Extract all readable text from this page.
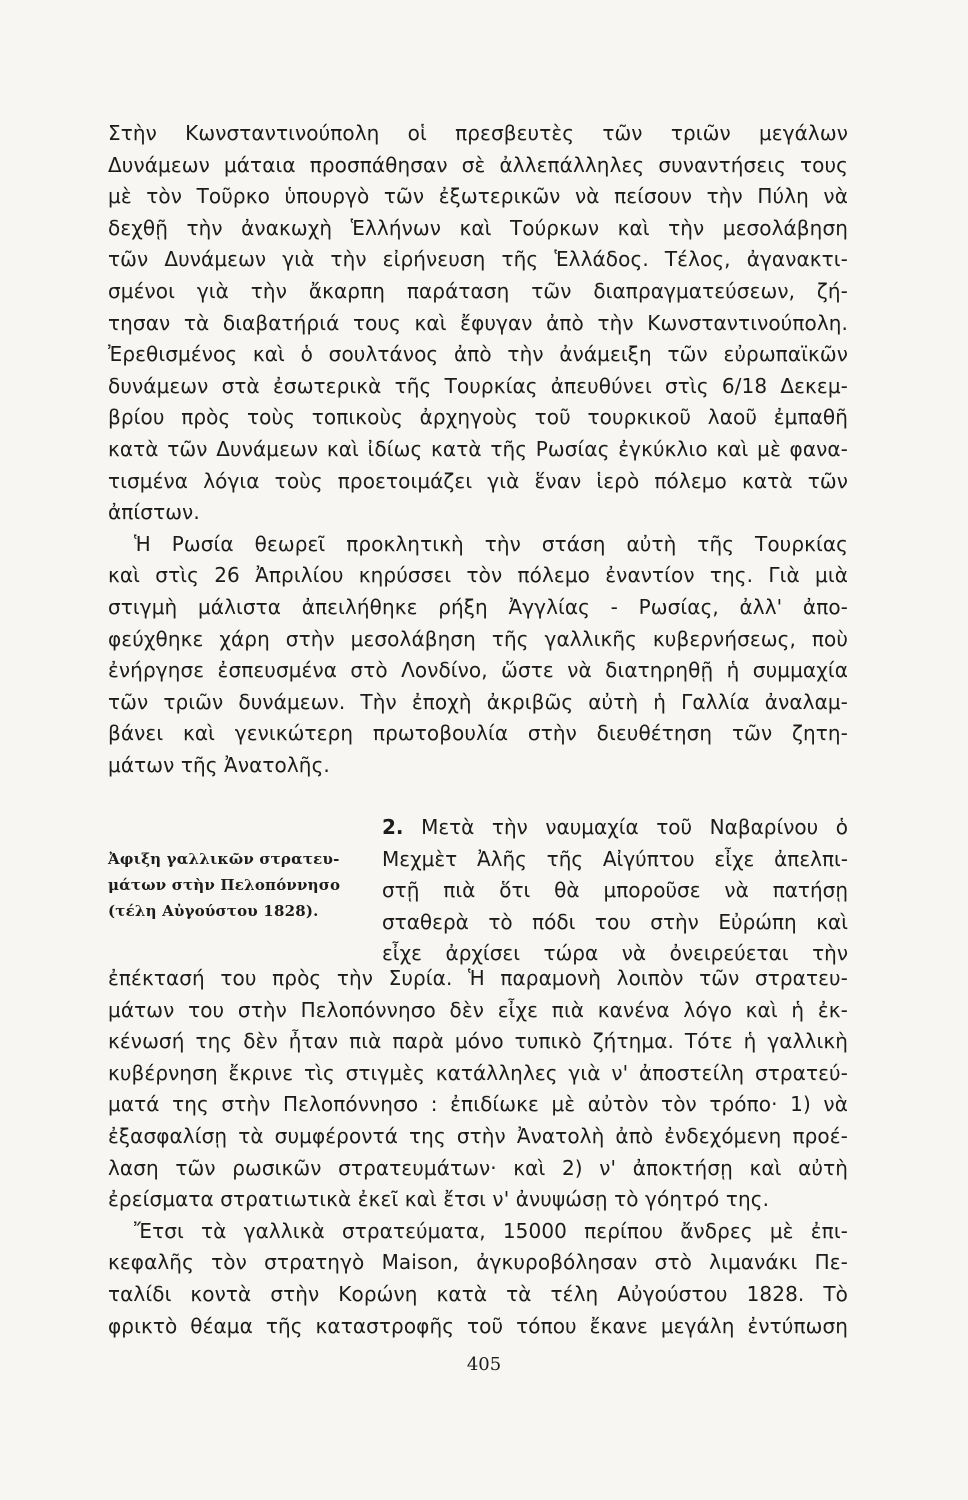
Στὴν Κωνσταντινούπολη οἱ πρεσβευτὲς τῶν τριῶν μεγάλων
Δυνάμεων μάταια προσπάθησαν σὲ ἀλλεπάλληλες συναντήσεις τους
μὲ τὸν Τοῦρκο ὑπουργὸ τῶν ἐξωτερικῶν νὰ πείσουν τὴν Πύλη νὰ
δεχθῇ τὴν ἀνακωχὴ Ἑλλήνων καὶ Τούρκων καὶ τὴν μεσολάβηση
τῶν Δυνάμεων γιὰ τὴν εἰρήνευση τῆς Ἑλλάδος. Τέλος, ἀγανακτι-
σμένοι γιὰ τὴν ἄκαρπη παράταση τῶν διαπραγματεύσεων, ζή-
τησαν τὰ διαβατήριά τους καὶ ἔφυγαν ἀπὸ τὴν Κωνσταντινούπολη.
Ἐρεθισμένος καὶ ὁ σουλτάνος ἀπὸ τὴν ἀνάμειξη τῶν εὐρωπαϊκῶν
δυνάμεων στὰ ἐσωτερικὰ τῆς Τουρκίας ἀπευθύνει στὶς 6/18 Δεκεμ-
βρίου πρὸς τοὺς τοπικοὺς ἀρχηγοὺς τοῦ τουρκικοῦ λαοῦ ἐμπαθῆ
κατὰ τῶν Δυνάμεων καὶ ἰδίως κατὰ τῆς Ρωσίας ἐγκύκλιο καὶ μὲ φανα-
τισμένα λόγια τοὺς προετοιμάζει γιὰ ἕναν ἱερὸ πόλεμο κατὰ τῶν
ἀπίστων.
Ἡ Ρωσία θεωρεῖ προκλητικὴ τὴν στάση αὐτὴ τῆς Τουρκίας
καὶ στὶς 26 Ἀπριλίου κηρύσσει τὸν πόλεμο ἐναντίον της. Γιὰ μιὰ
στιγμὴ μάλιστα ἀπειλήθηκε ρήξη Ἀγγλίας - Ρωσίας, ἀλλ' ἀπο-
φεύχθηκε χάρη στὴν μεσολάβηση τῆς γαλλικῆς κυβερνήσεως, ποὺ
ἐνήργησε ἐσπευσμένα στὸ Λονδίνο, ὥστε νὰ διατηρηθῇ ἡ συμμαχία
τῶν τριῶν δυνάμεων. Τὴν ἐποχὴ ἀκριβῶς αὐτὴ ἡ Γαλλία ἀναλαμ-
βάνει καὶ γενικώτερη πρωτοβουλία στὴν διευθέτηση τῶν ζητη-
μάτων τῆς Ἀνατολῆς.
Ἀφιξη γαλλικῶν στρατευ-
μάτων στὴν Πελοπόννησο
(τέλη Αὐγούστου 1828).
2. Μετὰ τὴν ναυμαχία τοῦ Ναβαρίνου ὁ
Μεχμὲτ Ἀλῆς τῆς Αἰγύπτου εἶχε ἀπελπι-
στῇ πιὰ ὅτι θὰ μποροῦσε νὰ πατήσῃ
σταθερὰ τὸ πόδι του στὴν Εὐρώπη καὶ
εἶχε ἀρχίσει τώρα νὰ ὀνειρεύεται τὴν
ἐπέκτασή του πρὸς τὴν Συρία. Ἡ παραμονὴ λοιπὸν τῶν στρατευ-
μάτων του στὴν Πελοπόννησο δὲν εἶχε πιὰ κανένα λόγο καὶ ἡ ἐκ-
κένωσή της δὲν ἦταν πιὰ παρὰ μόνο τυπικὸ ζήτημα. Τότε ἡ γαλλικὴ
κυβέρνηση ἔκρινε τὶς στιγμὲς κατάλληλες γιὰ ν' ἀποστείλη στρατεύ-
ματά της στὴν Πελοπόννησο : ἐπιδίωκε μὲ αὐτὸν τὸν τρόπο· 1) νὰ
ἐξασφαλίσῃ τὰ συμφέροντά της στὴν Ἀνατολὴ ἀπὸ ἐνδεχόμενη προέ-
λαση τῶν ρωσικῶν στρατευμάτων· καὶ 2) ν' ἀποκτήσῃ καὶ αὐτὴ
ἐρείσματα στρατιωτικὰ ἐκεῖ καὶ ἔτσι ν' ἀνυψώσῃ τὸ γόητρό της.
Ἔτσι τὰ γαλλικὰ στρατεύματα, 15000 περίπου ἄνδρες μὲ ἐπι-
κεφαλῆς τὸν στρατηγὸ Maison, ἀγκυροβόλησαν στὸ λιμανάκι Πε-
ταλίδι κοντὰ στὴν Κορώνη κατὰ τὰ τέλη Αὐγούστου 1828. Τὸ
φρικτὸ θέαμα τῆς καταστροφῆς τοῦ τόπου ἔκανε μεγάλη ἐντύπωση
405
